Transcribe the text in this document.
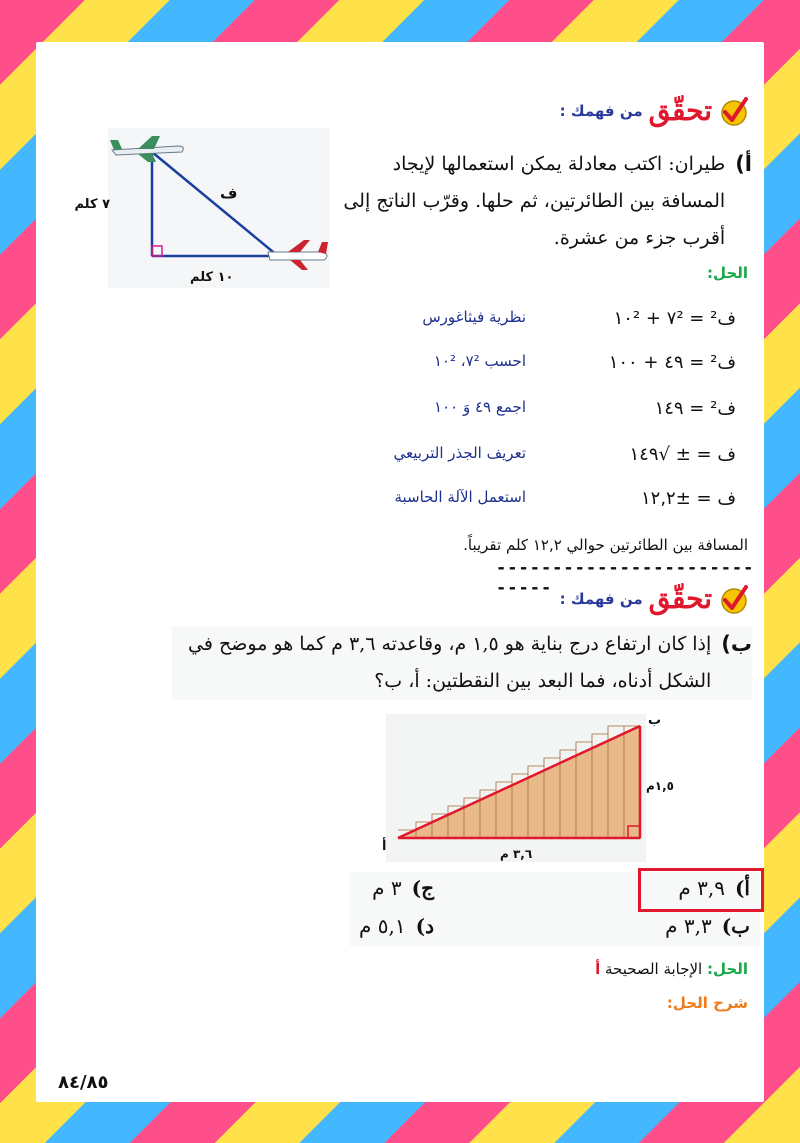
تحقّق
من فهمك :
٧ كلم
ف
١٠ كلم
أ)
طيران: اكتب معادلة يمكن استعمالها لإيجاد المسافة بين الطائرتين، ثم حلها. وقرّب الناتج إلى أقرب جزء من عشرة.
الحل:
ف² = ٧² + ١٠²
نظرية فيثاغورس
ف² = ٤٩ + ١٠٠
احسب ٧²، ١٠²
ف² = ١٤٩
اجمع ٤٩ وَ ١٠٠
ف = ± √١٤٩
تعريف الجذر التربيعي
ف = ±١٢,٢
استعمل الآلة الحاسبة
المسافة بين الطائرتين حوالي ١٢,٢ كلم تقريباً.
----------------------------	تحقّق
من فهمك :
ب)
إذا كان ارتفاع درج بناية هو ١,٥ م، وقاعدته ٣,٦ م كما هو موضح في الشكل أدناه، فما البعد بين النقطتين: أ، ب؟
ب
أ
١,٥م
٣,٦ م
أ)٣,٩ م
ج)٣ م
ب)٣,٣ م
د)٥,١ م
الحل: الإجابة الصحيحة أ
شرح الحل:
٨٤/٨٥
